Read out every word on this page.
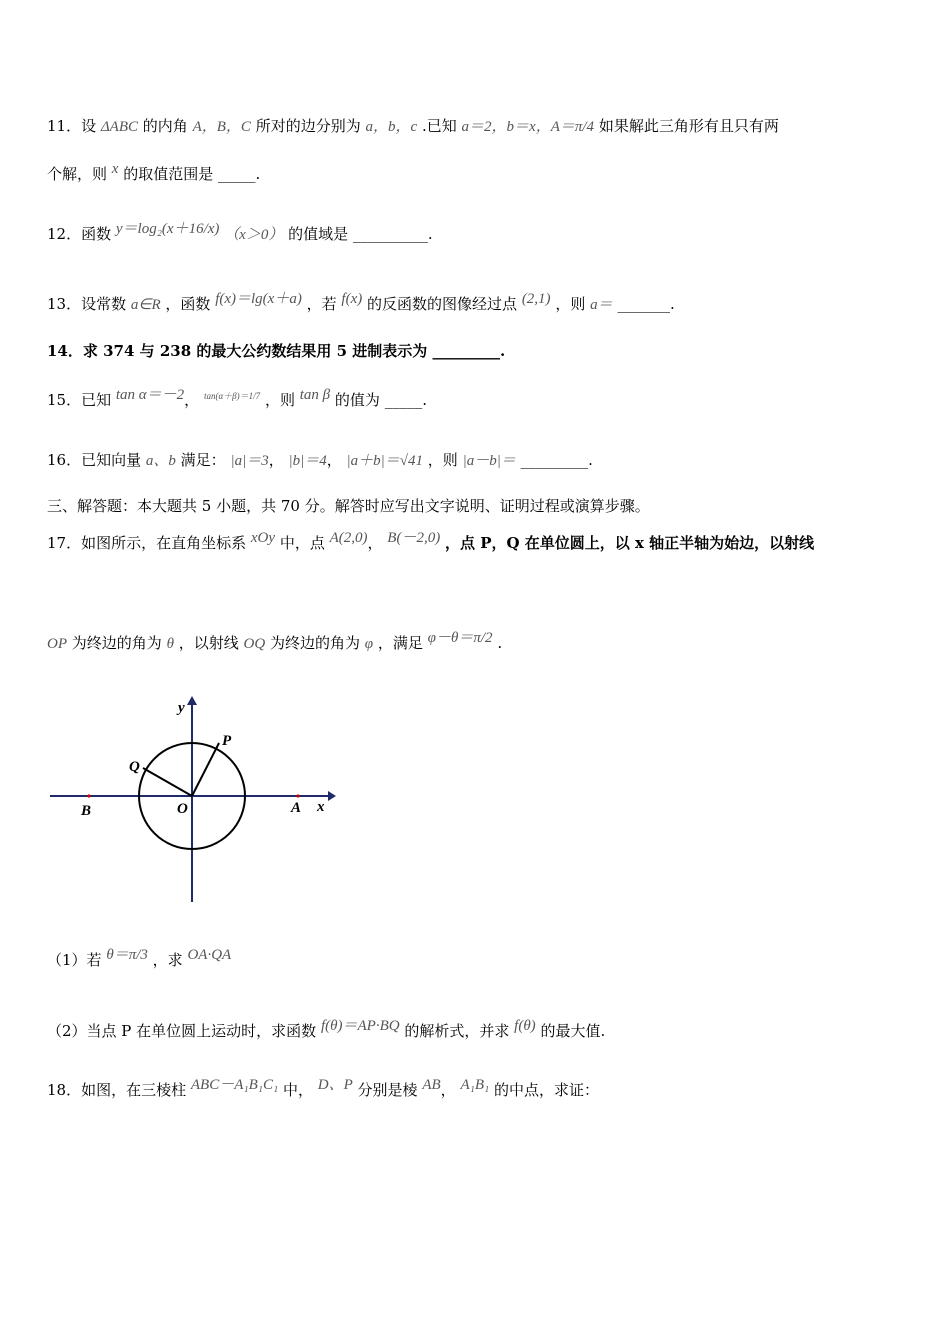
11．设 ΔABC 的内角 A，B，C 所对的边分别为 a，b，c .已知 a＝2，b＝x，A＝π/4 如果解此三角形有且只有两
个解，则 x 的取值范围是 _____.
12．函数 y＝log₂(x＋16/x) （x＞0） 的值域是 __________.
13．设常数 a∈R ，函数 f(x)＝lg(x＋a) ，若 f(x) 的反函数的图像经过点 (2,1) ，则 a＝ _______.
14．求 374 与 238 的最大公约数结果用 5 进制表示为 _________.
15．已知 tan α＝－2， $^{tan(\alpha+\beta)=1/7}$ ，则 tan β 的值为 _____.
16．已知向量 a、b 满足： |a|＝3， |b|＝4， |a＋b|＝√41 ，则 |a－b|＝ _________.
三、解答题：本大题共 5 小题，共 70 分。解答时应写出文字说明、证明过程或演算步骤。
17．如图所示，在直角坐标系 xOy 中，点 A(2,0)， B(－2,0) ，点 P，Q 在单位圆上，以 x 轴正半轴为始边，以射线
OP 为终边的角为 θ ，以射线 OQ 为终边的角为 φ ，满足 φ－θ＝π/2 .
y
x
O
P
Q
A
B
（1）若 θ＝π/3 ，求 OA·QA
（2）当点 P 在单位圆上运动时，求函数 f(θ)＝AP·BQ 的解析式，并求 f(θ) 的最大值.
18．如图，在三棱柱 ABC－A₁B₁C₁ 中， D、P 分别是棱 AB， A₁B₁ 的中点，求证：
